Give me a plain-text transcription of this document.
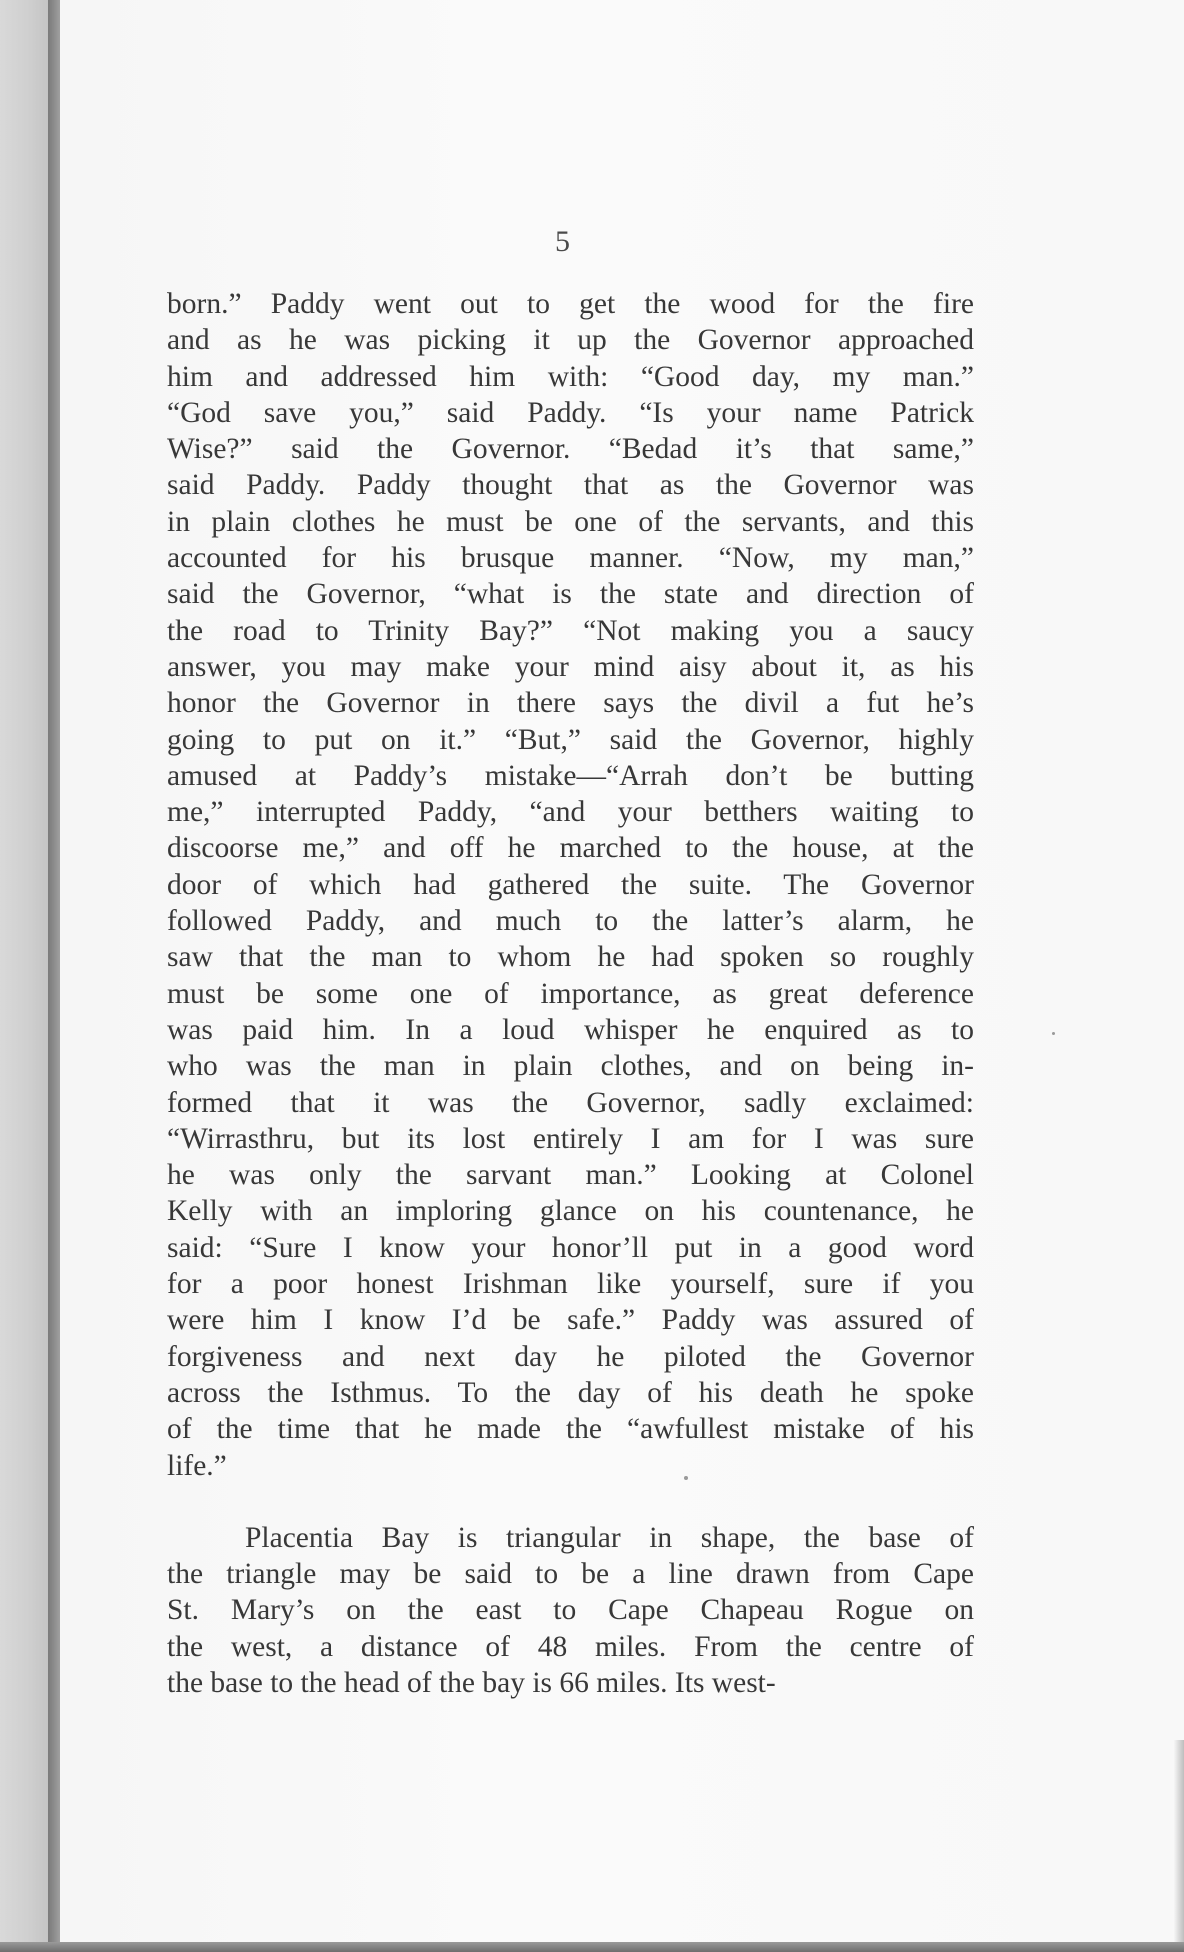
5
born.” Paddy went out to get the wood for the fire
and as he was picking it up the Governor approached
him and addressed him with: “Good day, my man.”
“God save you,” said Paddy. “Is your name Patrick
Wise?” said the Governor. “Bedad it’s that same,”
said Paddy. Paddy thought that as the Governor was
in plain clothes he must be one of the servants, and this
accounted for his brusque manner. “Now, my man,”
said the Governor, “what is the state and direction of
the road to Trinity Bay?” “Not making you a saucy
answer, you may make your mind aisy about it, as his
honor the Governor in there says the divil a fut he’s
going to put on it.” “But,” said the Governor, highly
amused at Paddy’s mistake—“Arrah don’t be butting
me,” interrupted Paddy, “and your betthers waiting to
discoorse me,” and off he marched to the house, at the
door of which had gathered the suite. The Governor
followed Paddy, and much to the latter’s alarm, he
saw that the man to whom he had spoken so roughly
must be some one of importance, as great deference
was paid him. In a loud whisper he enquired as to
who was the man in plain clothes, and on being in-
formed that it was the Governor, sadly exclaimed:
“Wirrasthru, but its lost entirely I am for I was sure
he was only the sarvant man.” Looking at Colonel
Kelly with an imploring glance on his countenance, he
said: “Sure I know your honor’ll put in a good word
for a poor honest Irishman like yourself, sure if you
were him I know I’d be safe.” Paddy was assured of
forgiveness and next day he piloted the Governor
across the Isthmus. To the day of his death he spoke
of the time that he made the “awfullest mistake of his
life.”
Placentia Bay is triangular in shape, the base of
the triangle may be said to be a line drawn from Cape
St. Mary’s on the east to Cape Chapeau Rogue on
the west, a distance of 48 miles. From the centre of
the base to the head of the bay is 66 miles. Its west-
